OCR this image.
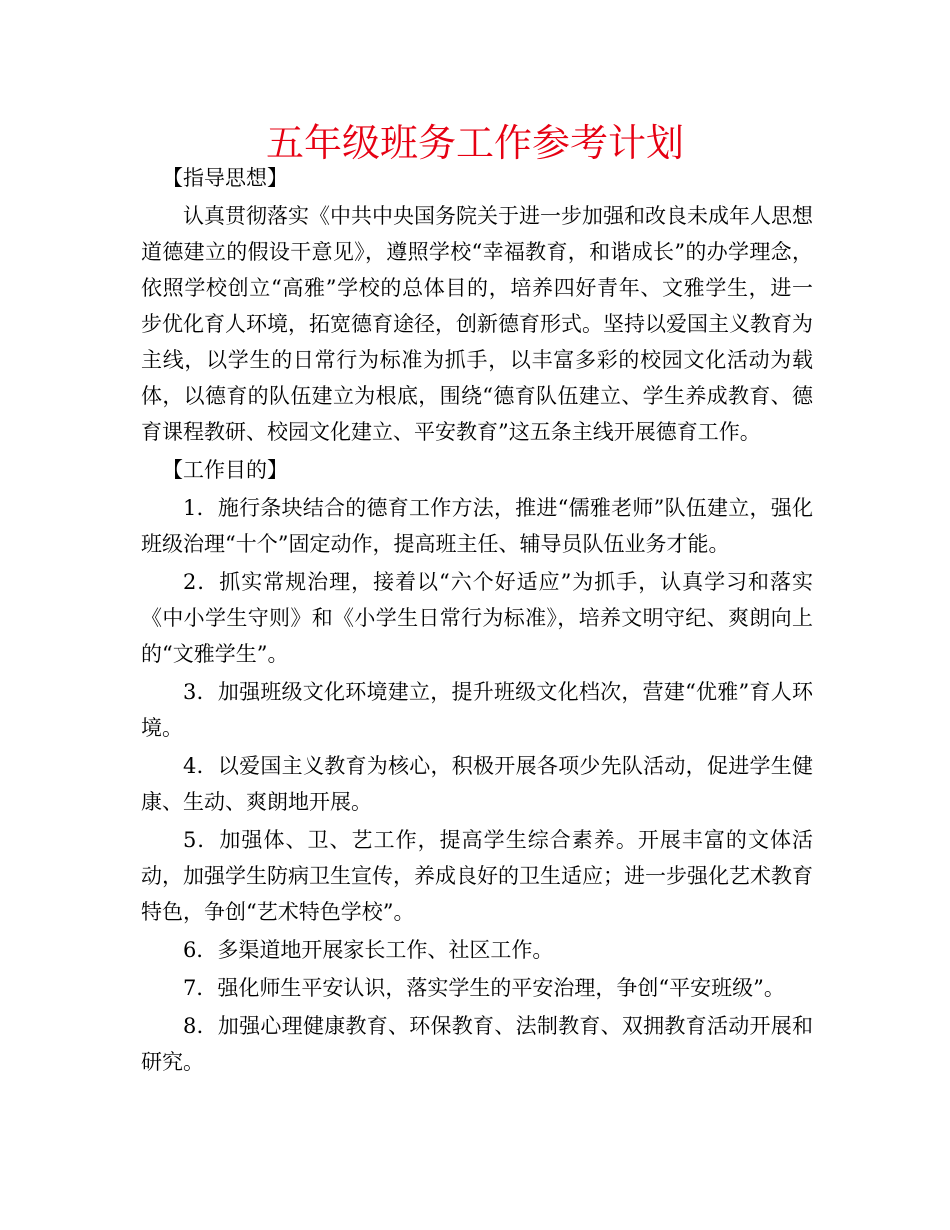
五年级班务工作参考计划

【指导思想】

认真贯彻落实《中共中央国务院关于进一步加强和改良未成年人思想道德建立的假设干意见》，遵照学校“幸福教育，和谐成长”的办学理念，依照学校创立“高雅”学校的总体目的，培养四好青年、文雅学生，进一步优化育人环境，拓宽德育途径，创新德育形式。坚持以爱国主义教育为主线，以学生的日常行为标准为抓手，以丰富多彩的校园文化活动为载体，以德育的队伍建立为根底，围绕“德育队伍建立、学生养成教育、德育课程教研、校园文化建立、平安教育”这五条主线开展德育工作。

【工作目的】

1．施行条块结合的德育工作方法，推进“儒雅老师”队伍建立，强化班级治理“十个”固定动作，提高班主任、辅导员队伍业务才能。

2．抓实常规治理，接着以“六个好适应”为抓手，认真学习和落实《中小学生守则》和《小学生日常行为标准》，培养文明守纪、爽朗向上的“文雅学生”。

3．加强班级文化环境建立，提升班级文化档次，营建“优雅”育人环境。

4．以爱国主义教育为核心，积极开展各项少先队活动，促进学生健康、生动、爽朗地开展。

5．加强体、卫、艺工作，提高学生综合素养。开展丰富的文体活动，加强学生防病卫生宣传，养成良好的卫生适应；进一步强化艺术教育特色，争创“艺术特色学校”。

6．多渠道地开展家长工作、社区工作。

7．强化师生平安认识，落实学生的平安治理，争创“平安班级”。

8．加强心理健康教育、环保教育、法制教育、双拥教育活动开展和研究。
